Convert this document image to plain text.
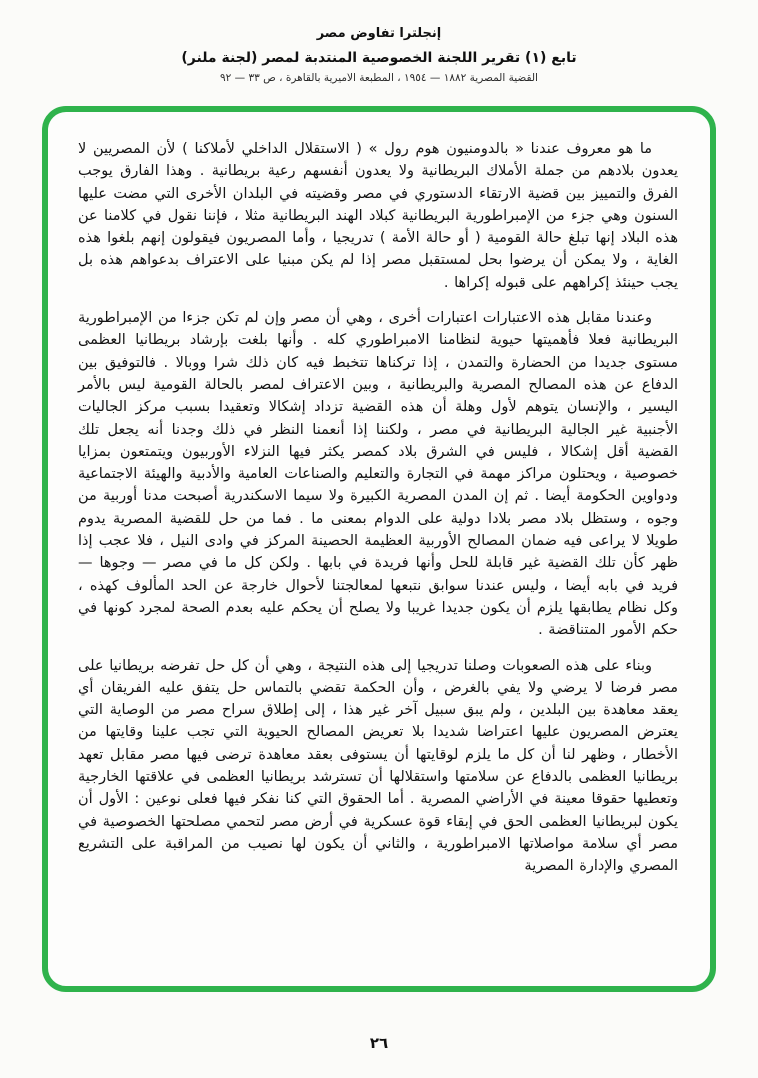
إنجلترا تفاوض مصر
تابع (١) تقرير اللجنة الخصوصية المنتدبة لمصر (لجنة ملنر)
القضية المصرية ١٨٨٢ — ١٩٥٤ ، المطبعة الأميرية بالقاهرة ، ص ٣٣ — ٩٢

ما هو معروف عندنا « بالدومنيون هوم رول » ( الاستقلال الداخلي لأملاكنا ) لأن المصريين لا يعدون بلادهم من جملة الأملاك البريطانية ولا يعدون أنفسهم رعية بريطانية . وهذا الفارق يوجب الفرق والتمييز بين قضية الارتقاء الدستوري في مصر وقضيته في البلدان الأخرى التي مضت عليها السنون وهي جزء من الإمبراطورية البريطانية كبلاد الهند البريطانية مثلا ، فإننا نقول في كلامنا عن هذه البلاد إنها تبلغ حالة القومية ( أو حالة الأمة ) تدريجيا ، وأما المصريون فيقولون إنهم بلغوا هذه الغاية ، ولا يمكن أن يرضوا بحل لمستقبل مصر إذا لم يكن مبنيا على الاعتراف بدعواهم هذه بل يجب حينئذ إكراههم على قبوله إكراها .

وعندنا مقابل هذه الاعتبارات اعتبارات أخرى ، وهي أن مصر وإن لم تكن جزءا من الإمبراطورية البريطانية فعلا فأهميتها حيوية لنظامنا الامبراطوري كله . وأنها بلغت بإرشاد بريطانيا العظمى مستوى جديدا من الحضارة والتمدن ، إذا تركناها تتخبط فيه كان ذلك شرا ووبالا . فالتوفيق بين الدفاع عن هذه المصالح المصرية والبريطانية ، وبين الاعتراف لمصر بالحالة القومية ليس بالأمر اليسير ، والإنسان يتوهم لأول وهلة أن هذه القضية تزداد إشكالا وتعقيدا بسبب مركز الجاليات الأجنبية غير الجالية البريطانية في مصر ، ولكننا إذا أنعمنا النظر في ذلك وجدنا أنه يجعل تلك القضية أقل إشكالا ، فليس في الشرق بلاد كمصر يكثر فيها النزلاء الأوربيون ويتمتعون بمزايا خصوصية ، ويحتلون مراكز مهمة في التجارة والتعليم والصناعات العامية والأدبية والهيئة الاجتماعية ودواوين الحكومة أيضا . ثم إن المدن المصرية الكبيرة ولا سيما الاسكندرية أصبحت مدنا أوربية من وجوه ، وستظل بلاد مصر بلادا دولية على الدوام بمعنى ما . فما من حل للقضية المصرية يدوم طويلا لا يراعى فيه ضمان المصالح الأوربية العظيمة الحصينة المركز في وادى النيل ، فلا عجب إذا ظهر كأن تلك القضية غير قابلة للحل وأنها فريدة في بابها . ولكن كل ما في مصر — وجوها — فريد في بابه أيضا ، وليس عندنا سوابق نتبعها لمعالجتنا لأحوال خارجة عن الحد المألوف كهذه ، وكل نظام يطابقها يلزم أن يكون جديدا غريبا ولا يصلح أن يحكم عليه بعدم الصحة لمجرد كونها في حكم الأمور المتناقضة .

وبناء على هذه الصعوبات وصلنا تدريجيا إلى هذه النتيجة ، وهي أن كل حل تفرضه بريطانيا على مصر فرضا لا يرضي ولا يفي بالغرض ، وأن الحكمة تقضي بالتماس حل يتفق عليه الفريقان أي يعقد معاهدة بين البلدين ، ولم يبق سبيل آخر غير هذا ، إلى إطلاق سراح مصر من الوصاية التي يعترض المصريون عليها اعتراضا شديدا بلا تعريض المصالح الحيوية التي تجب علينا وقايتها من الأخطار ، وظهر لنا أن كل ما يلزم لوقايتها أن يستوفى بعقد معاهدة ترضى فيها مصر مقابل تعهد بريطانيا العظمى بالدفاع عن سلامتها واستقلالها أن تسترشد بريطانيا العظمى في علاقتها الخارجية وتعطيها حقوقا معينة في الأراضي المصرية . أما الحقوق التي كنا نفكر فيها فعلى نوعين : الأول أن يكون لبريطانيا العظمى الحق في إبقاء قوة عسكرية في أرض مصر لتحمي مصلحتها الخصوصية في مصر أي سلامة مواصلاتها الامبراطورية ، والثاني أن يكون لها نصيب من المراقبة على التشريع المصري والإدارة المصرية

٢٦
